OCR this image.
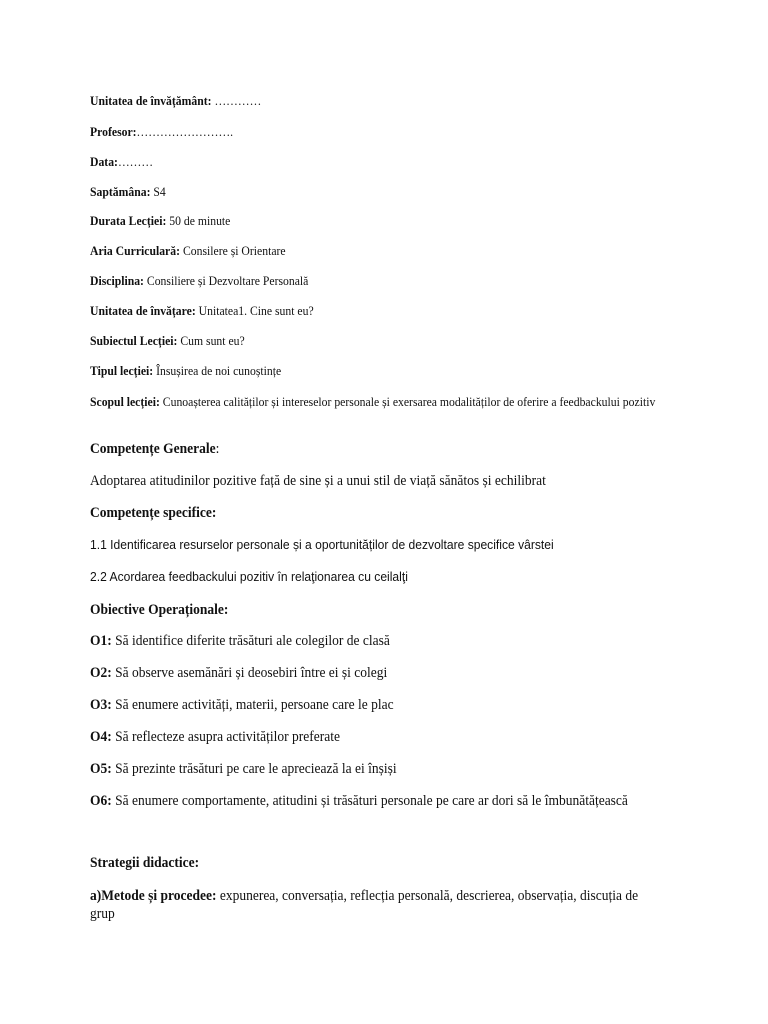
Unitatea de învățământ: …………
Profesor:…………………….
Data:………
Saptămâna: S4
Durata Lecției: 50 de minute
Aria Curriculară: Consilere și Orientare
Disciplina: Consiliere și Dezvoltare Personală
Unitatea de învățare: Unitatea1. Cine sunt eu?
Subiectul Lecției: Cum sunt eu?
Tipul lecției: Însușirea de noi cunoștințe
Scopul lecției: Cunoașterea calităților și intereselor personale și exersarea modalităților de oferire a feedbackului pozitiv
Competențe Generale:
Adoptarea atitudinilor pozitive față de sine și a unui stil de viață sănătos și echilibrat
Competențe specifice:
1.1 Identificarea resurselor personale și a oportunităților de dezvoltare specifice vârstei
2.2 Acordarea feedbackului pozitiv în relaţionarea cu ceilalţi
Obiective Operaționale:
O1: Să identifice diferite trăsături ale colegilor de clasă
O2: Să observe asemănări și deosebiri între ei și colegi
O3: Să enumere activități, materii, persoane care le plac
O4: Să reflecteze asupra activităților preferate
O5: Să prezinte trăsături pe care le apreciează la ei înșiși
O6: Să enumere comportamente, atitudini și trăsături personale pe care ar dori să le îmbunătățească
Strategii didactice:
a)Metode și procedee: expunerea, conversația, reflecția personală, descrierea, observația, discuția de grup
